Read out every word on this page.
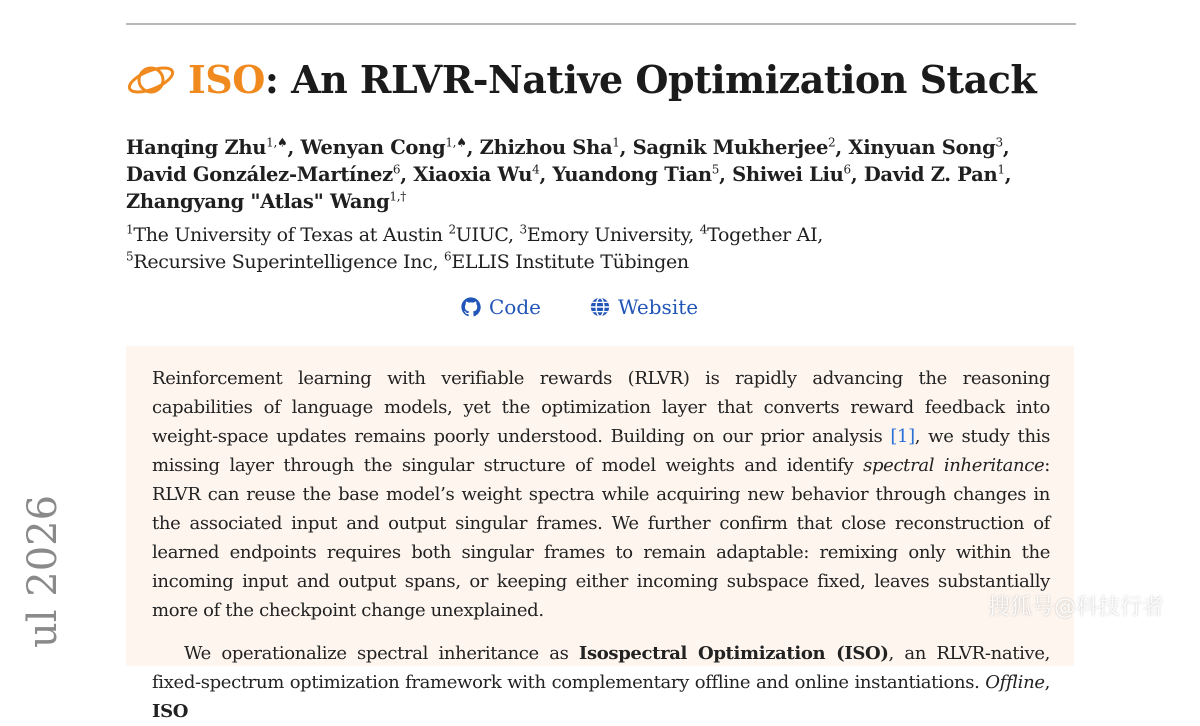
ISO: An RLVR-Native Optimization Stack
Hanqing Zhu$^{1,♠}$, Wenyan Cong$^{1,♠}$, Zhizhou Sha$^1$, Sagnik Mukherjee$^2$, Xinyuan Song$^3$,
David González-Martínez$^6$, Xiaoxia Wu$^4$, Yuandong Tian$^5$, Shiwei Liu$^6$, David Z. Pan$^1$,
Zhangyang "Atlas" Wang$^{1,\dagger}$
$^1$The University of Texas at Austin $^2$UIUC, $^3$Emory University, $^4$Together AI,
$^5$Recursive Superintelligence Inc, $^6$ELLIS Institute Tübingen
Code	Website

Reinforcement learning with verifiable rewards (RLVR) is rapidly advancing the reasoning capabilities of language models, yet the optimization layer that converts reward feedback into weight-space updates remains poorly understood. Building on our prior analysis [1], we study this missing layer through the singular structure of model weights and identify spectral inheritance: RLVR can reuse the base model’s weight spectra while acquiring new behavior through changes in the associated input and output singular frames. We further confirm that close reconstruction of learned endpoints requires both singular frames to remain adaptable: remixing only within the incoming input and output spans, or keeping either incoming subspace fixed, leaves substantially more of the checkpoint change unexplained.

We operationalize spectral inheritance as Isospectral Optimization (ISO), an RLVR-native, fixed-spectrum optimization framework with complementary offline and online instantiations. Offline, ISO

ul 2026	搜狐号@科技行者
